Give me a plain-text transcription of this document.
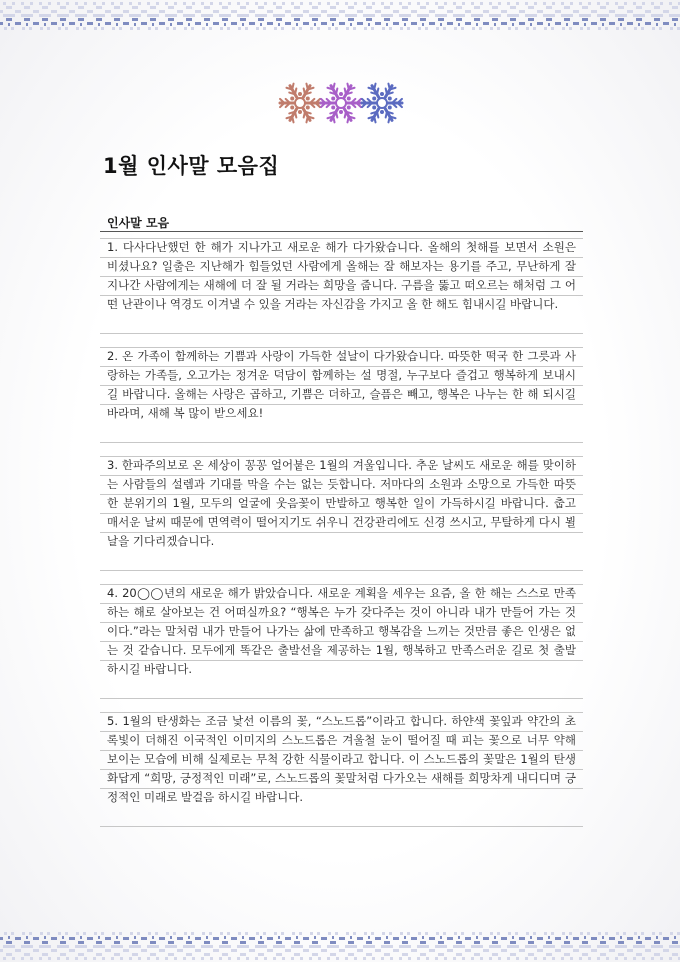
1월 인사말 모음집
인사말 모음
1. 다사다난했던 한 해가 지나가고 새로운 해가 다가왔습니다. 올해의 첫해를 보면서 소원은 비셨나요? 일출은 지난해가 힘들었던 사람에게 올해는 잘 해보자는 용기를 주고, 무난하게 잘 지나간 사람에게는 새해에 더 잘 될 거라는 희망을 줍니다. 구름을 뚫고 떠오르는 해처럼 그 어떤 난관이나 역경도 이겨낼 수 있을 거라는 자신감을 가지고 올 한 해도 힘내시길 바랍니다.
2. 온 가족이 함께하는 기쁨과 사랑이 가득한 설날이 다가왔습니다. 따뜻한 떡국 한 그릇과 사랑하는 가족들, 오고가는 정겨운 덕담이 함께하는 설 명절, 누구보다 즐겁고 행복하게 보내시길 바랍니다. 올해는 사랑은 곱하고, 기쁨은 더하고, 슬픔은 빼고, 행복은 나누는 한 해 되시길 바라며, 새해 복 많이 받으세요!
3. 한파주의보로 온 세상이 꽁꽁 얼어붙은 1월의 겨울입니다. 추운 날씨도 새로운 해를 맞이하는 사람들의 설렘과 기대를 막을 수는 없는 듯합니다. 저마다의 소원과 소망으로 가득한 따뜻한 분위기의 1월, 모두의 얼굴에 웃음꽃이 만발하고 행복한 일이 가득하시길 바랍니다. 춥고 매서운 날씨 때문에 면역력이 떨어지기도 쉬우니 건강관리에도 신경 쓰시고, 무탈하게 다시 뵐 날을 기다리겠습니다.
4. 20◯◯년의 새로운 해가 밝았습니다. 새로운 계획을 세우는 요즘, 올 한 해는 스스로 만족하는 해로 살아보는 건 어떠실까요? “행복은 누가 갖다주는 것이 아니라 내가 만들어 가는 것이다.”라는 말처럼 내가 만들어 나가는 삶에 만족하고 행복감을 느끼는 것만큼 좋은 인생은 없는 것 같습니다. 모두에게 똑같은 출발선을 제공하는 1월, 행복하고 만족스러운 길로 첫 출발하시길 바랍니다.
5. 1월의 탄생화는 조금 낯선 이름의 꽃, “스노드롭”이라고 합니다. 하얀색 꽃잎과 약간의 초록빛이 더해진 이국적인 이미지의 스노드롭은 겨울철 눈이 떨어질 때 피는 꽃으로 너무 약해 보이는 모습에 비해 실제로는 무척 강한 식물이라고 합니다. 이 스노드롭의 꽃말은 1월의 탄생화답게 “희망, 긍정적인 미래”로, 스노드롭의 꽃말처럼 다가오는 새해를 희망차게 내디디며 긍정적인 미래로 발걸음 하시길 바랍니다.
